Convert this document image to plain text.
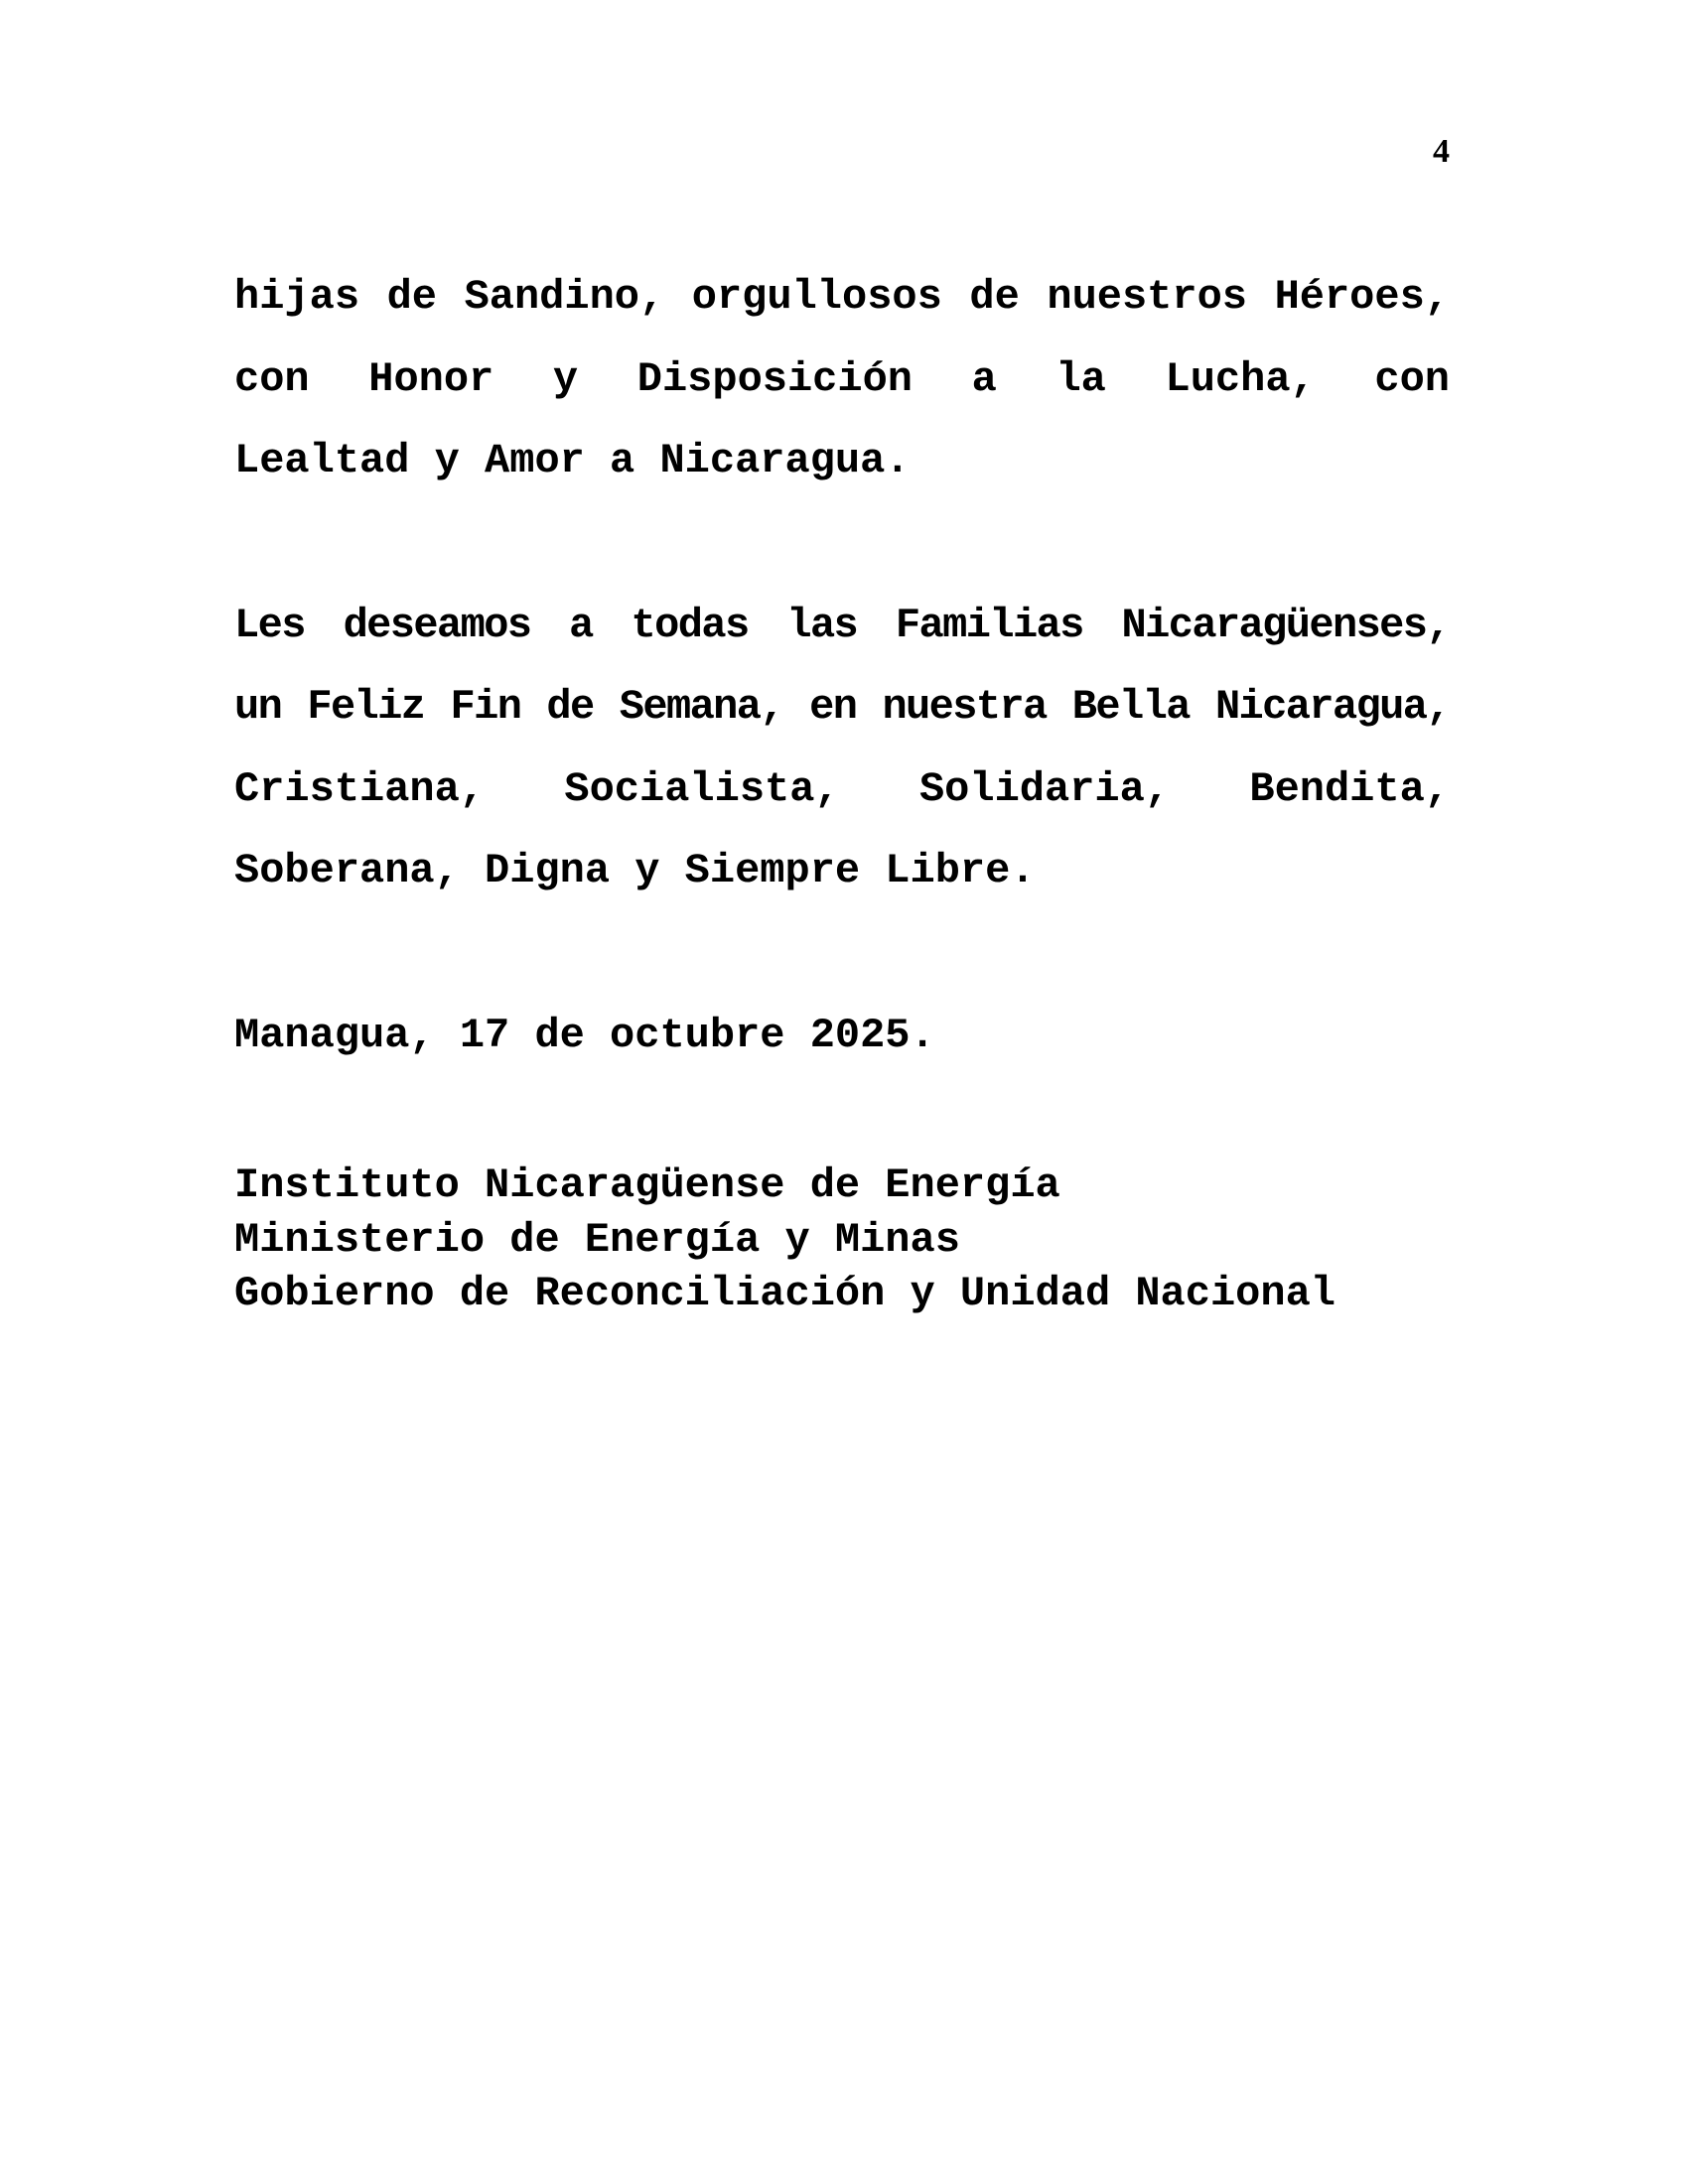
4

hijas de Sandino, orgullosos de nuestros Héroes,
con Honor y Disposición a la Lucha, con
Lealtad y Amor a Nicaragua.

Les deseamos a todas las Familias Nicaragüenses,
un Feliz Fin de Semana, en nuestra Bella Nicaragua,
Cristiana, Socialista, Solidaria, Bendita,
Soberana, Digna y Siempre Libre.

Managua, 17 de octubre 2025.

Instituto Nicaragüense de Energía
Ministerio de Energía y Minas
Gobierno de Reconciliación y Unidad Nacional
